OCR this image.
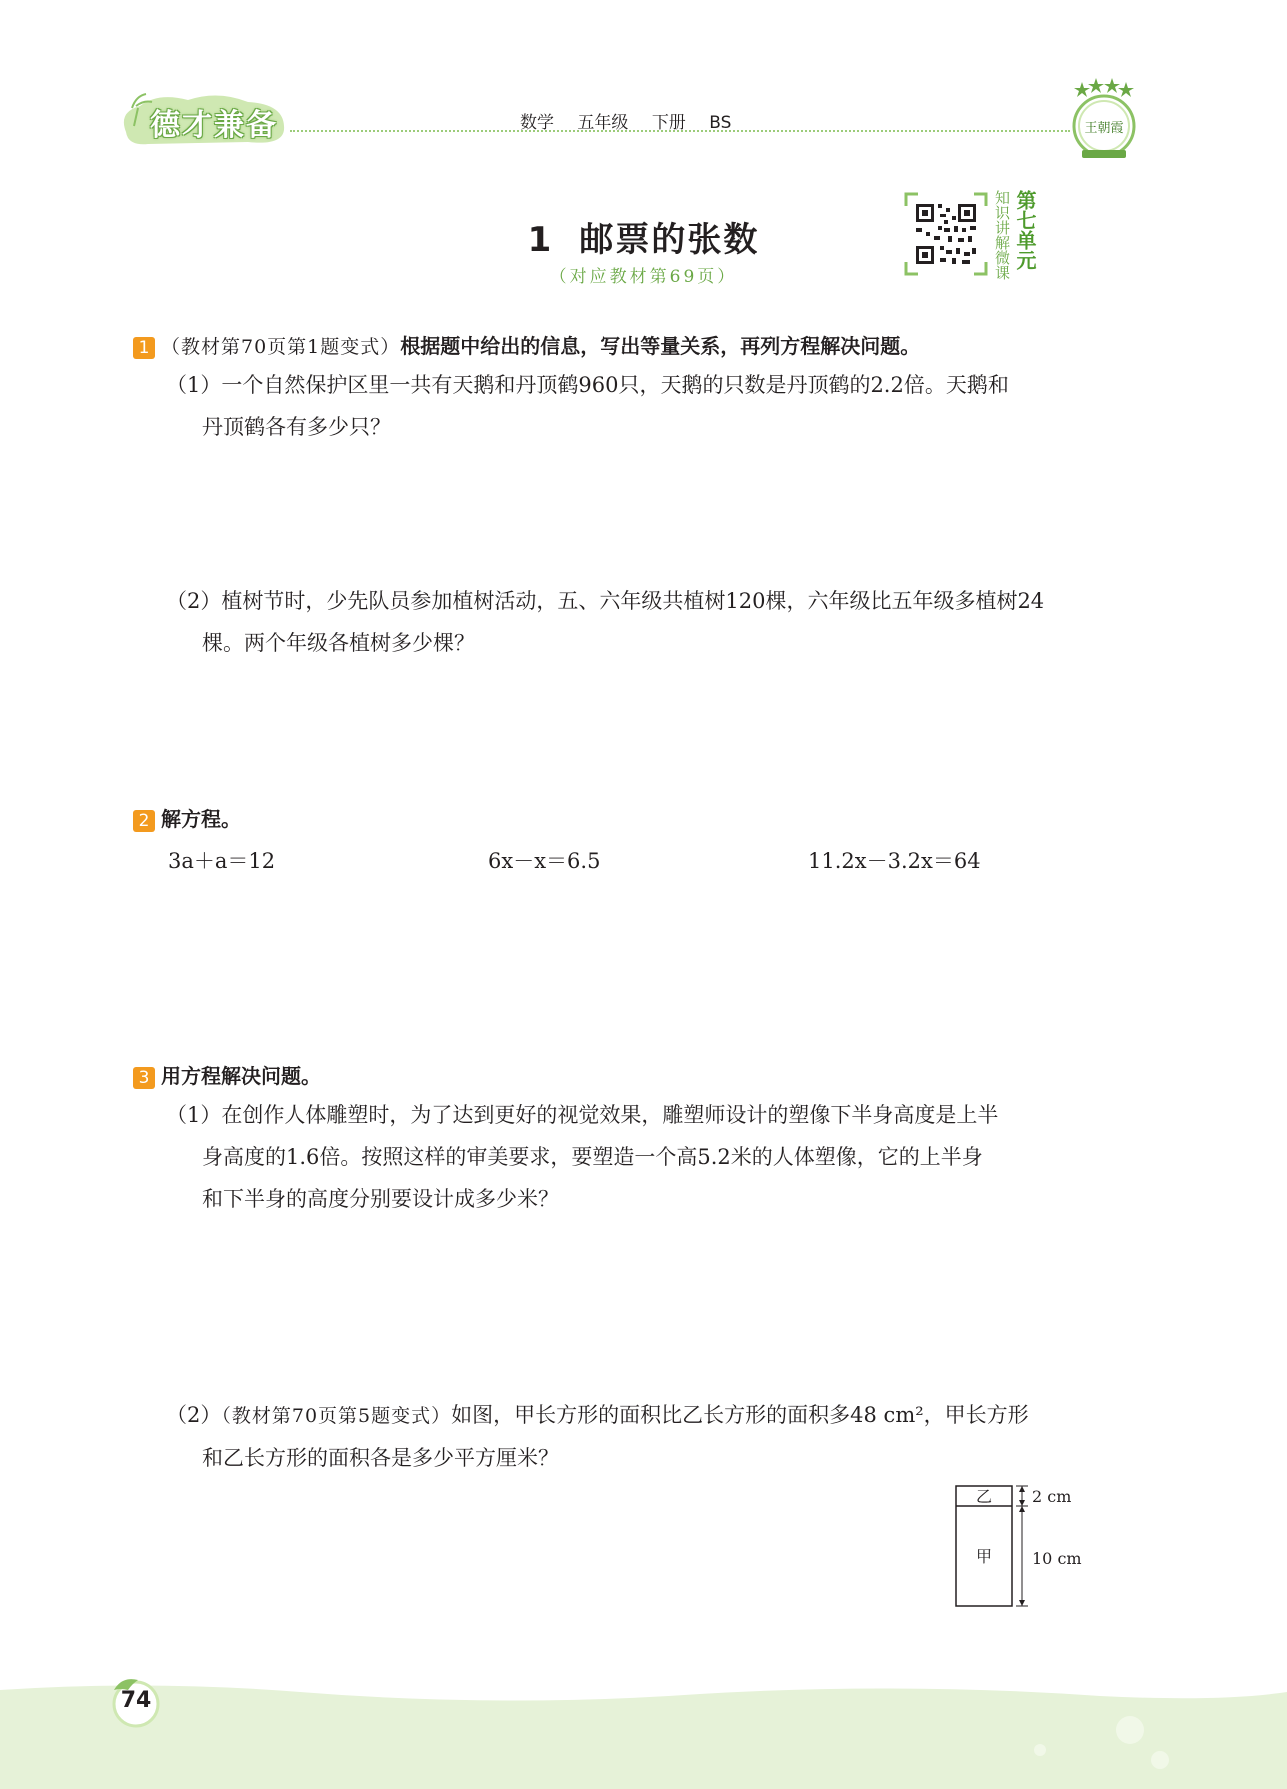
德才兼备	数学 五年级 下册 BS	王朝霞
1 邮票的张数
（对应教材第69页）	知识讲解微课 第七单元
1 （教材第70页第1题变式）根据题中给出的信息，写出等量关系，再列方程解决问题。
（1）一个自然保护区里一共有天鹅和丹顶鹤960只，天鹅的只数是丹顶鹤的2.2倍。天鹅和
丹顶鹤各有多少只？
（2）植树节时，少先队员参加植树活动，五、六年级共植树120棵，六年级比五年级多植树24
棵。两个年级各植树多少棵？
2 解方程。
3a＋a＝12	6x－x＝6.5	11.2x－3.2x＝64
3 用方程解决问题。
（1）在创作人体雕塑时，为了达到更好的视觉效果，雕塑师设计的塑像下半身高度是上半
身高度的1.6倍。按照这样的审美要求，要塑造一个高5.2米的人体塑像，它的上半身
和下半身的高度分别要设计成多少米？
（2）（教材第70页第5题变式）如图，甲长方形的面积比乙长方形的面积多48 cm²，甲长方形
和乙长方形的面积各是多少平方厘米？
乙
甲
2 cm
10 cm
74
